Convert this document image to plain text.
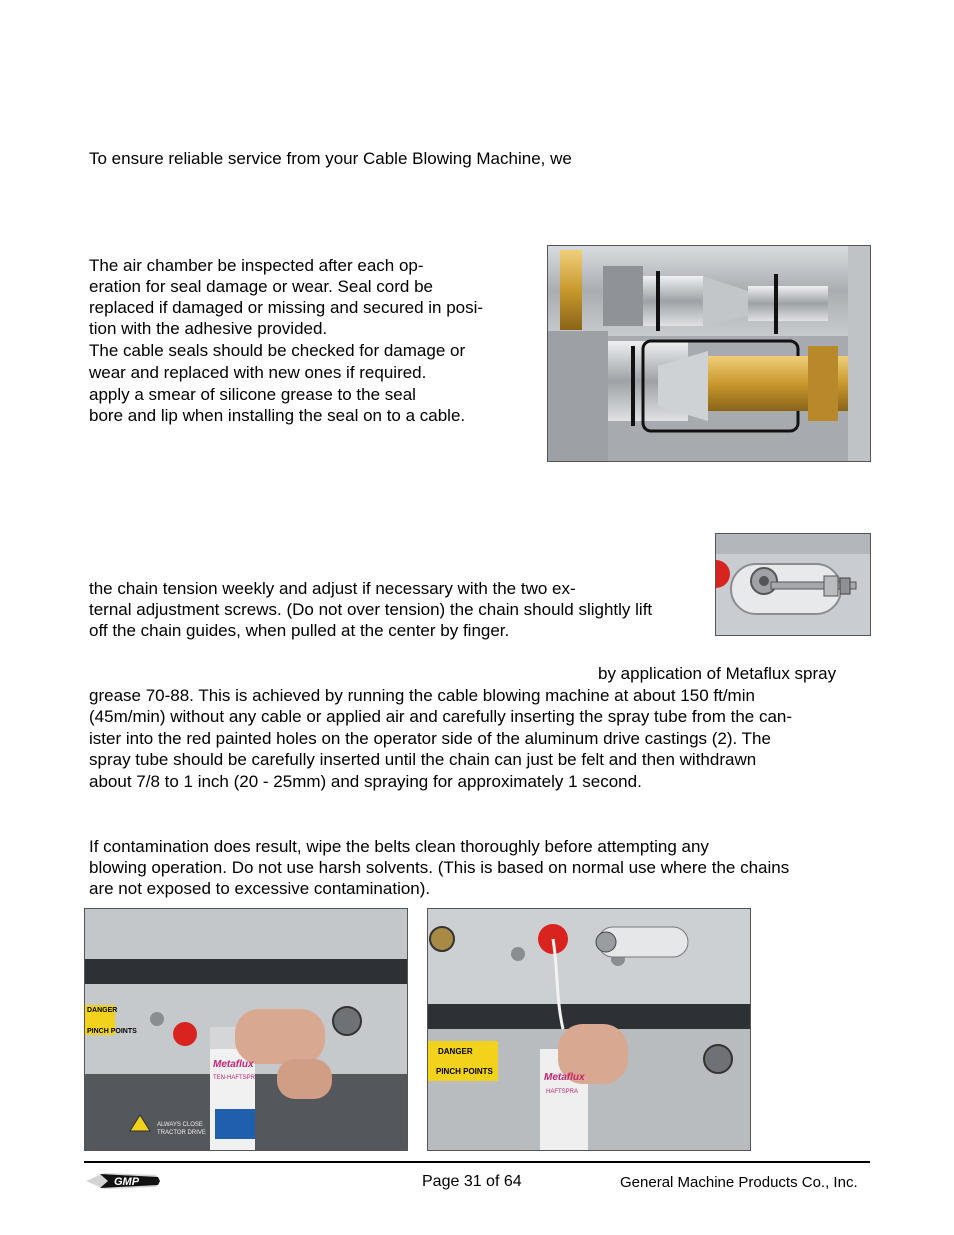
To ensure reliable service from your Cable Blowing Machine, we

The air chamber be inspected after each op-

eration for seal damage or wear. Seal cord be

replaced if damaged or missing and secured in posi-

tion with the adhesive provided.

The cable seals should be checked for damage or

wear and replaced with new ones if required.

apply a smear of silicone grease to the seal

bore and lip when installing the seal on to a cable.

the chain tension weekly and adjust if necessary with the two ex-

ternal adjustment screws. (Do not over tension) the chain should slightly lift

off the chain guides, when pulled at the center by finger.

by application of Metaflux spray

grease 70-88. This is achieved by running the cable blowing machine at about 150 ft/min

(45m/min) without any cable or applied air and carefully inserting the spray tube from the can-

ister into the red painted holes on the operator side of the aluminum drive castings (2). The

spray tube should be carefully inserted until the chain can just be felt and then withdrawn

about 7/8 to 1 inch (20 - 25mm) and spraying for approximately 1 second.

If contamination does result, wipe the belts clean thoroughly before attempting any

blowing operation. Do not use harsh solvents. (This is based on normal use where the chains

are not exposed to excessive contamination).

DANGER
PINCH POINTS
Metaflux
TEN-HAFTSPR
ALWAYS CLOSE TRACTOR DRIVE
DANGER
PINCH POINTS
Metaflux
HAFTSPRA
GMP	Page 31 of 64	General Machine Products Co., Inc.
